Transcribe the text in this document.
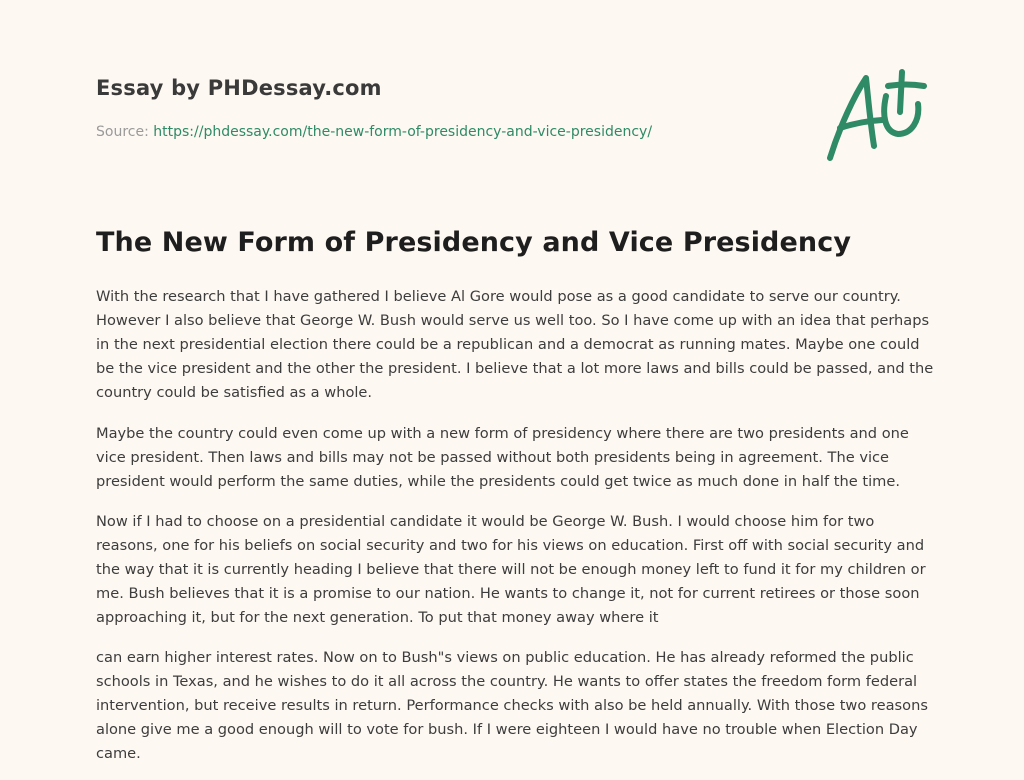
Essay by PHDessay.com
Source: https://phdessay.com/the-new-form-of-presidency-and-vice-presidency/
The New Form of Presidency and Vice Presidency

With the research that I have gathered I believe Al Gore would pose as a good candidate to serve our country. However I also believe that George W. Bush would serve us well too. So I have come up with an idea that perhaps in the next presidential election there could be a republican and a democrat as running mates. Maybe one could be the vice president and the other the president. I believe that a lot more laws and bills could be passed, and the country could be satisfied as a whole.

Maybe the country could even come up with a new form of presidency where there are two presidents and one vice president. Then laws and bills may not be passed without both presidents being in agreement. The vice president would perform the same duties, while the presidents could get twice as much done in half the time.

Now if I had to choose on a presidential candidate it would be George W. Bush. I would choose him for two reasons, one for his beliefs on social security and two for his views on education. First off with social security and the way that it is currently heading I believe that there will not be enough money left to fund it for my children or me. Bush believes that it is a promise to our nation. He wants to change it, not for current retirees or those soon approaching it, but for the next generation. To put that money away where it

can earn higher interest rates. Now on to Bush"s views on public education. He has already reformed the public schools in Texas, and he wishes to do it all across the country. He wants to offer states the freedom form federal intervention, but receive results in return. Performance checks with also be held annually. With those two reasons alone give me a good enough will to vote for bush. If I were eighteen I would have no trouble when Election Day came.
